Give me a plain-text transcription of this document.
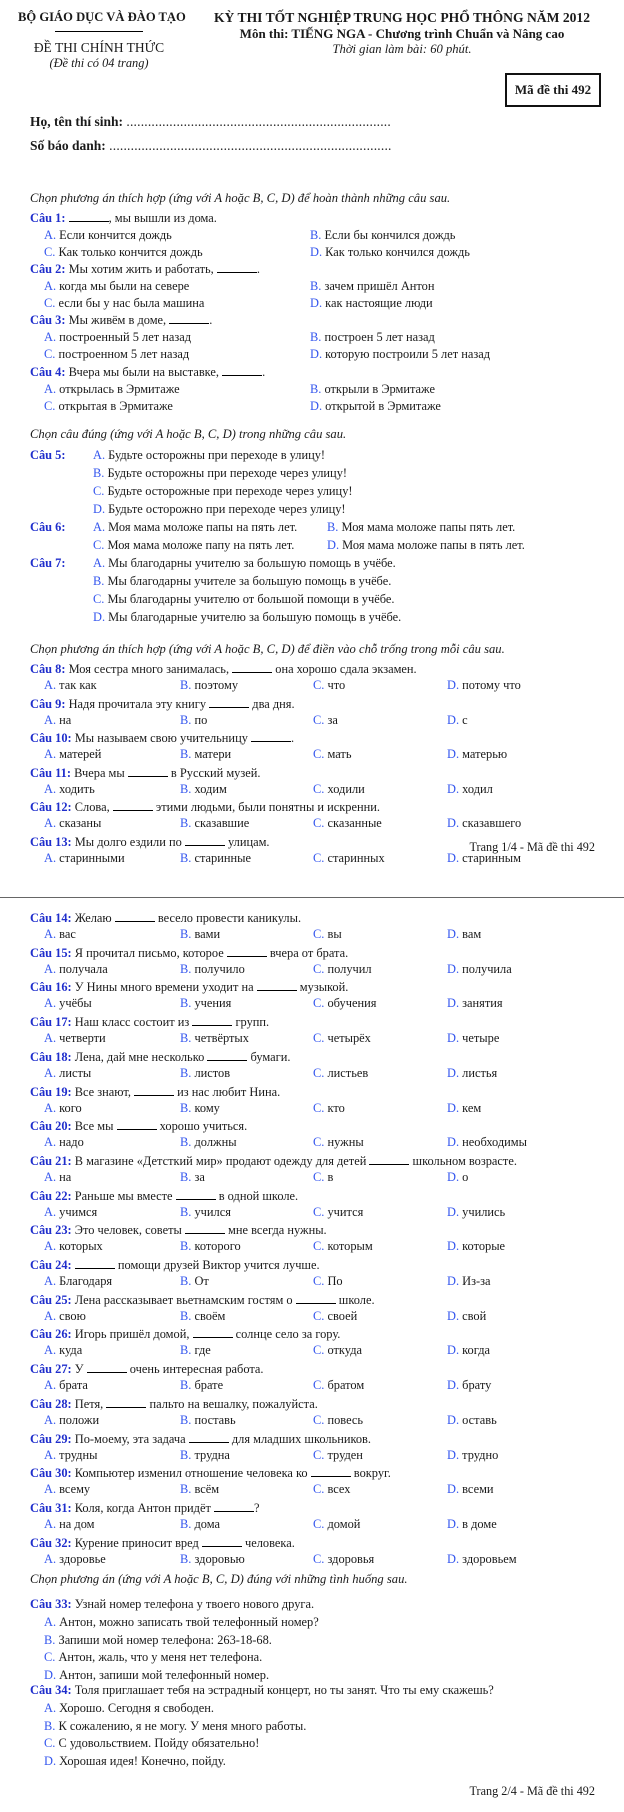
BỘ GIÁO DỤC VÀ ĐÀO TẠO
ĐỀ THI CHÍNH THỨC
(Đề thi có 04 trang)
KỲ THI TỐT NGHIỆP TRUNG HỌC PHỔ THÔNG NĂM 2012
Môn thi: TIẾNG NGA - Chương trình Chuẩn và Nâng cao
Thời gian làm bài: 60 phút.
Mã đề thi 492
Họ, tên thí sinh: ..........................................................................
Số báo danh: ...............................................................................
Chọn phương án thích hợp (ứng với A hoặc B, C, D) để hoàn thành những câu sau.
Chọn câu đúng (ứng với A hoặc B, C, D) trong những câu sau.
Chọn phương án thích hợp (ứng với A hoặc B, C, D) để điền vào chỗ trống trong mỗi câu sau.
Chọn phương án (ứng với A hoặc B, C, D) đúng với những tình huống sau.
Câu 1:	, мы вышли из дома.
A. Если кончится дождь	B. Если бы кончился дождь
C. Как только кончится дождь	D. Как только кончился дождь
Câu 2: Мы хотим жить и работать,	.
A. когда мы были на севере	B. зачем пришёл Антон
C. если бы у нас была машина	D. как настоящие люди
Câu 3: Мы живём в доме,	.
A. построенный 5 лет назад	B. построен 5 лет назад
C. построенном 5 лет назад	D. которую построили 5 лет назад
Câu 4: Вчера мы были на выставке,	.
A. открылась в Эрмитаже	B. открыли в Эрмитаже
C. открытая в Эрмитаже	D. открытой в Эрмитаже
Câu 5: A. Будьте осторожны при переходе в улицу!
B. Будьте осторожны при переходе через улицу!
C. Будьте осторожные при переходе через улицу!
D. Будьте осторожно при переходе через улицу!
Câu 7: A. Мы благодарны учителю за большую помощь в учёбе.
B. Мы благодарны учителе за большую помощь в учёбе.
C. Мы благодарны учителю от большой помощи в учёбе.
D. Мы благодарные учителю за большую помощь в учёбе.
Câu 6: A. Моя мама моложе папы на пять лет. B. Моя мама моложе папы пять лет.
C. Моя мама моложе папу на пять лет.	D. Моя мама моложе папы в пять лет.
Câu 8: Моя сестра много занималась,	она хорошо сдала экзамен.
A. так как	B. поэтому	C. что	D. потому что
Câu 9: Надя прочитала эту книгу	два дня.
A. на	B. по	C. за	D. с
Câu 10: Мы называем свою учительницу	.
A. матерей	B. матери	C. мать	D. матерью
Câu 11: Вчера мы	в Русский музей.
A. ходить	B. ходим	C. ходили	D. ходил
Câu 12: Слова,	этими людьми, были понятны и искренни.
A. сказаны	B. сказавшие	C. сказанные	D. сказавшего
Câu 13: Мы долго ездили по	улицам.
A. старинными	B. старинные	C. старинных	D. старинным
Câu 14: Желаю	весело провести каникулы.
A. вас	B. вами	C. вы	D. вам
Câu 15: Я прочитал письмо, которое	вчера от брата.
A. получала	B. получило	C. получил	D. получила
Câu 16: У Нины много времени уходит на	музыкой.
A. учёбы	B. учения	C. обучения	D. занятия
Câu 17: Наш класс состоит из	групп.
A. четверти	B. четвёртых	C. четырёх	D. четыре
Câu 18: Лена, дай мне несколько	бумаги.
A. листы	B. листов	C. листьев	D. листья
Câu 19: Все знают,	из нас любит Нина.
A. кого	B. кому	C. кто	D. кем
Câu 20: Все мы	хорошо учиться.
A. надо	B. должны	C. нужны	D. необходимы
Câu 21: В магазине «Детсткий мир» продают одежду для детей	школьном возрасте.
A. на	B. за	C. в	D. о
Câu 22: Раньше мы вместе	в одной школе.
A. учимся	B. учился	C. учится	D. учились
Câu 23: Это человек, советы	мне всегда нужны.
A. которых	B. которого	C. которым	D. которые
Câu 24:	помощи друзей Виктор учится лучше.
A. Благодаря	B. От	C. По	D. Из-за
Câu 25: Лена рассказывает вьетнамским гостям о	школе.
A. свою	B. своём	C. своей	D. свой
Câu 26: Игорь пришёл домой,	солнце село за гору.
A. куда	B. где	C. откуда	D. когда
Câu 27: У	очень интересная работа.
A. брата	B. брате	C. братом	D. брату
Câu 28: Петя,	пальто на вешалку, пожалуйста.
A. положи	B. поставь	C. повесь	D. оставь
Câu 29: По-моему, эта задача	для младших школьников.
A. трудны	B. трудна	C. труден	D. трудно
Câu 30: Компьютер изменил отношение человека ко	вокруг.
A. всему	B. всём	C. всех	D. всеми
Câu 31: Коля, когда Антон придёт	?
A. на дом	B. дома	C. домой	D. в доме
Câu 32: Курение приносит вред	человека.
A. здоровье	B. здоровью	C. здоровья	D. здоровьем
Câu 33: Узнай номер телефона у твоего нового друга.
A. Антон, можно записать твой телефонный номер?
B. Запиши мой номер телефона: 263-18-68.
C. Антон, жаль, что у меня нет телефона.
D. Антон, запиши мой телефонный номер.
Câu 34: Толя приглашает тебя на эстрадный концерт, но ты занят. Что ты ему скажешь?
A. Хорошо. Сегодня я свободен.
B. К сожалению, я не могу. У меня много работы.
C. С удовольствием. Пойду обязательно!
D. Хорошая идея! Конечно, пойду.
Trang 1/4 - Mã đề thi 492
Trang 2/4 - Mã đề thi 492
